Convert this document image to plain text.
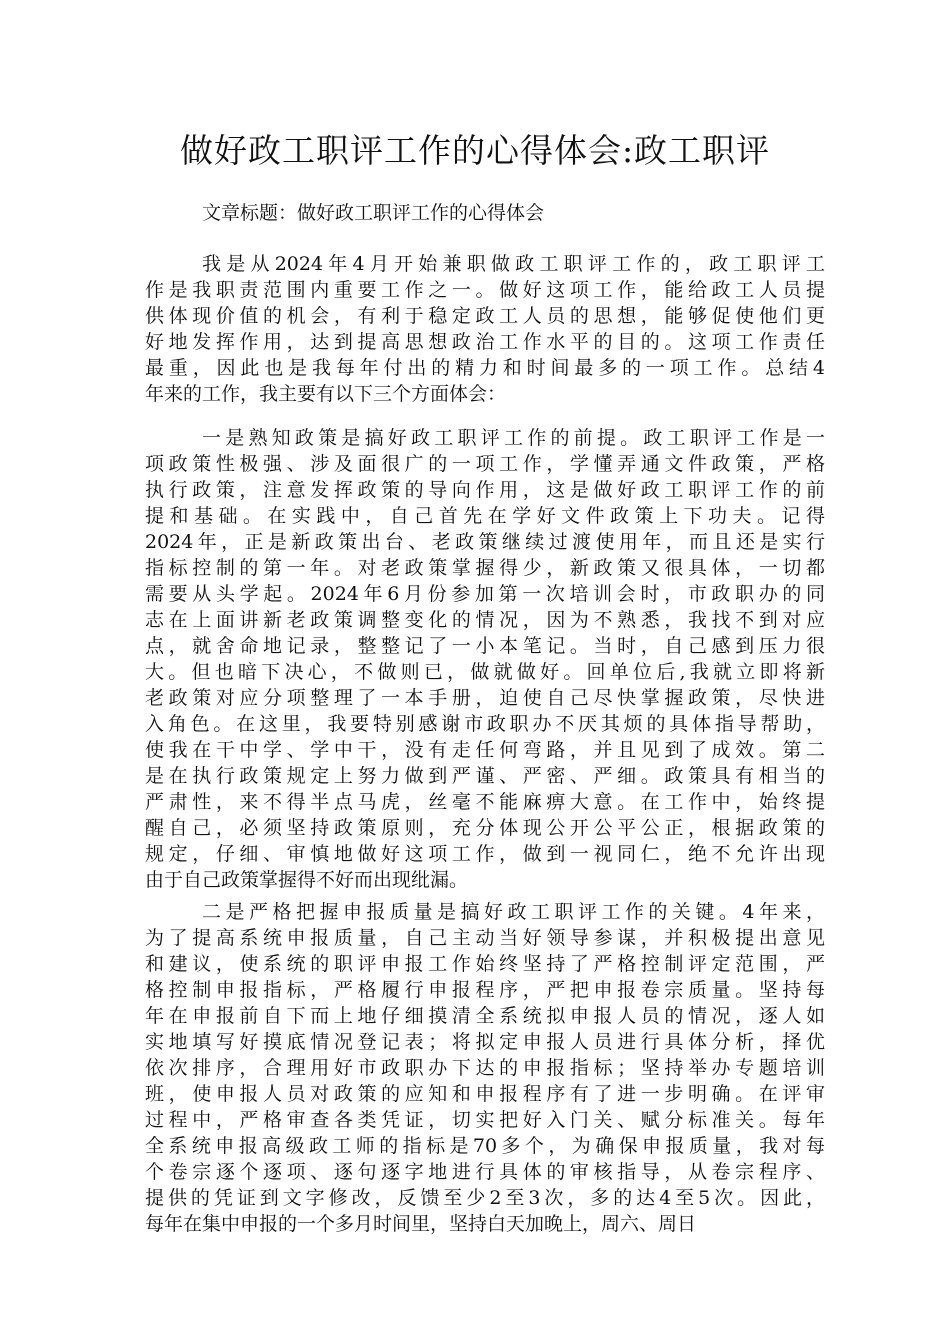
做好政工职评工作的心得体会:政工职评
文章标题：做好政工职评工作的心得体会
我是从2024年4月开始兼职做政工职评工作的，政工职评工
作是我职责范围内重要工作之一。做好这项工作，能给政工人员提
供体现价值的机会，有利于稳定政工人员的思想，能够促使他们更
好地发挥作用，达到提高思想政治工作水平的目的。这项工作责任
最重，因此也是我每年付出的精力和时间最多的一项工作。总结4
年来的工作，我主要有以下三个方面体会：
一是熟知政策是搞好政工职评工作的前提。政工职评工作是一
项政策性极强、涉及面很广的一项工作，学懂弄通文件政策，严格
执行政策，注意发挥政策的导向作用，这是做好政工职评工作的前
提和基础。在实践中，自己首先在学好文件政策上下功夫。记得
2024年，正是新政策出台、老政策继续过渡使用年，而且还是实行
指标控制的第一年。对老政策掌握得少，新政策又很具体，一切都
需要从头学起。2024年6月份参加第一次培训会时，市政职办的同
志在上面讲新老政策调整变化的情况，因为不熟悉，我找不到对应
点，就舍命地记录，整整记了一小本笔记。当时，自己感到压力很
大。但也暗下决心，不做则已，做就做好。回单位后,我就立即将新
老政策对应分项整理了一本手册，迫使自己尽快掌握政策，尽快进
入角色。在这里，我要特别感谢市政职办不厌其烦的具体指导帮助，
使我在干中学、学中干，没有走任何弯路，并且见到了成效。第二
是在执行政策规定上努力做到严谨、严密、严细。政策具有相当的
严肃性，来不得半点马虎，丝毫不能麻痹大意。在工作中，始终提
醒自己，必须坚持政策原则，充分体现公开公平公正，根据政策的
规定，仔细、审慎地做好这项工作，做到一视同仁，绝不允许出现
由于自己政策掌握得不好而出现纰漏。
二是严格把握申报质量是搞好政工职评工作的关键。4年来，
为了提高系统申报质量，自己主动当好领导参谋，并积极提出意见
和建议，使系统的职评申报工作始终坚持了严格控制评定范围，严
格控制申报指标，严格履行申报程序，严把申报卷宗质量。坚持每
年在申报前自下而上地仔细摸清全系统拟申报人员的情况，逐人如
实地填写好摸底情况登记表；将拟定申报人员进行具体分析，择优
依次排序，合理用好市政职办下达的申报指标；坚持举办专题培训
班，使申报人员对政策的应知和申报程序有了进一步明确。在评审
过程中，严格审查各类凭证，切实把好入门关、赋分标准关。每年
全系统申报高级政工师的指标是70多个，为确保申报质量，我对每
个卷宗逐个逐项、逐句逐字地进行具体的审核指导，从卷宗程序、
提供的凭证到文字修改，反馈至少2至3次，多的达4至5次。因此，
每年在集中申报的一个多月时间里，坚持白天加晚上，周六、周日
